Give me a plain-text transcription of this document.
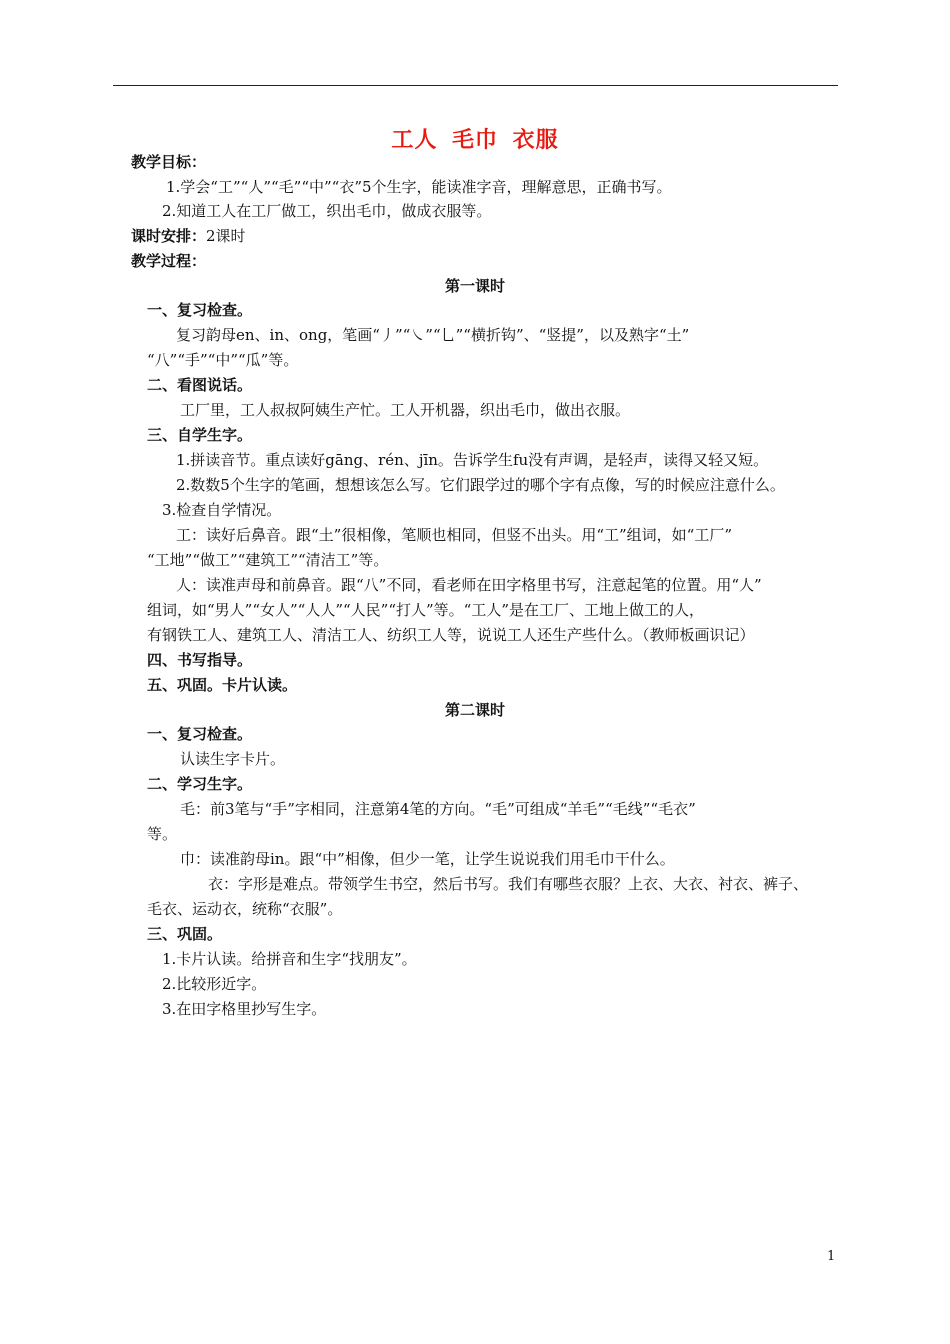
工人 毛巾 衣服
教学目标：
1.学会“工”“人”“毛”“中”“衣”5个生字，能读准字音，理解意思，正确书写。
2.知道工人在工厂做工，织出毛巾，做成衣服等。
课时安排：2课时
教学过程：
第一课时
一、复习检查。
复习韵母en、in、ong，笔画“丿”“㇏”“乚”“横折钩”、“竖提”，以及熟字“土”
“八”“手”“中”“瓜”等。
二、看图说话。
工厂里，工人叔叔阿姨生产忙。工人开机器，织出毛巾，做出衣服。
三、自学生字。
1.拼读音节。重点读好gāng、rén、jīn。告诉学生fu没有声调，是轻声，读得又轻又短。
2.数数5个生字的笔画，想想该怎么写。它们跟学过的哪个字有点像，写的时候应注意什么。
3.检查自学情况。
工：读好后鼻音。跟“土”很相像，笔顺也相同，但竖不出头。用“工”组词，如“工厂”
“工地”“做工”“建筑工”“清洁工”等。
人：读准声母和前鼻音。跟“八”不同，看老师在田字格里书写，注意起笔的位置。用“人”
组词，如“男人”“女人”“人人”“人民”“打人”等。“工人”是在工厂、工地上做工的人，
有钢铁工人、建筑工人、清洁工人、纺织工人等，说说工人还生产些什么。（教师板画识记）
四、书写指导。
五、巩固。卡片认读。
第二课时
一、复习检查。
认读生字卡片。
二、学习生字。
毛：前3笔与“手”字相同，注意第4笔的方向。“毛”可组成“羊毛”“毛线”“毛衣”
等。
巾：读准韵母in。跟“中”相像，但少一笔，让学生说说我们用毛巾干什么。
衣：字形是难点。带领学生书空，然后书写。我们有哪些衣服？上衣、大衣、衬衣、裤子、
毛衣、运动衣，统称“衣服”。
三、巩固。
1.卡片认读。给拼音和生字“找朋友”。
2.比较形近字。
3.在田字格里抄写生字。
1
